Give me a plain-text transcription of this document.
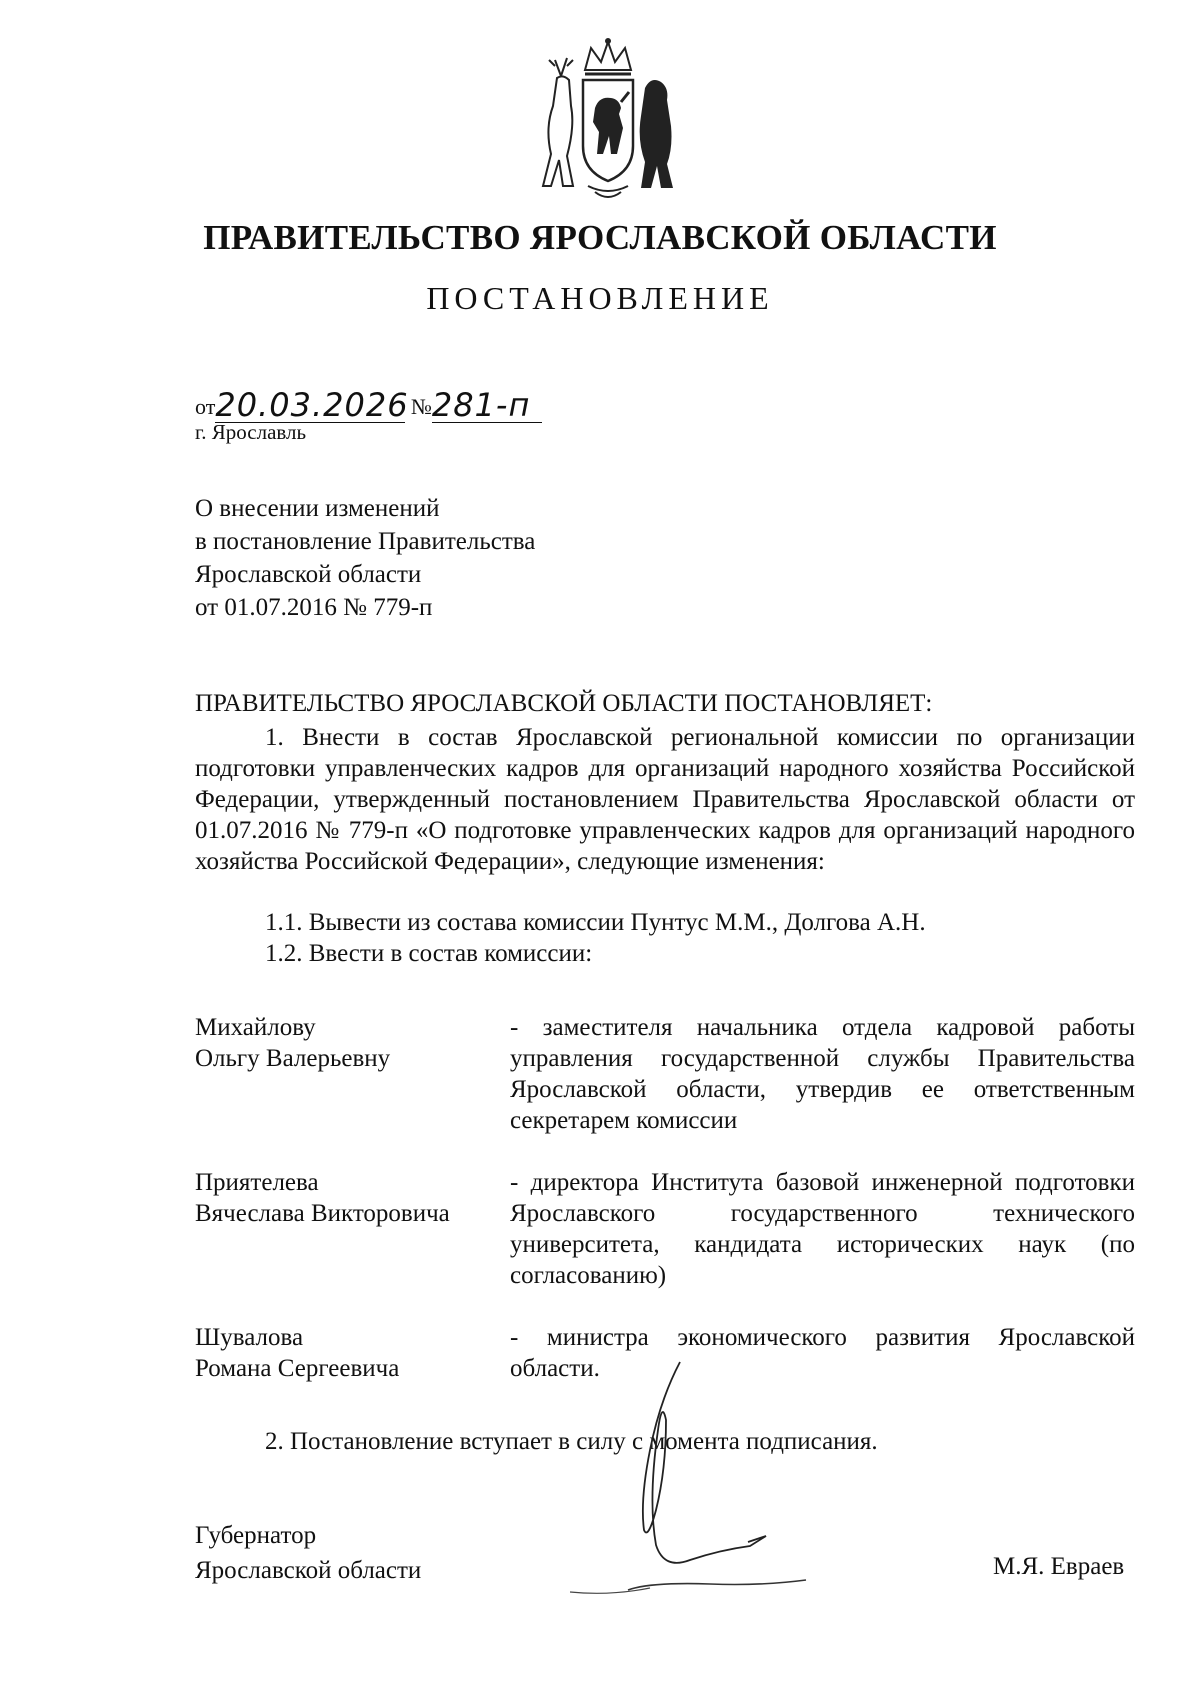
ПРАВИТЕЛЬСТВО ЯРОСЛАВСКОЙ ОБЛАСТИ
ПОСТАНОВЛЕНИЕ
от20.03.2026 №281-п
г. Ярославль
О внесении изменений
в постановление Правительства
Ярославской области
от 01.07.2016 № 779-п
ПРАВИТЕЛЬСТВО ЯРОСЛАВСКОЙ ОБЛАСТИ ПОСТАНОВЛЯЕТ:
1. Внести в состав Ярославской региональной комиссии по организации подготовки управленческих кадров для организаций народного хозяйства Российской Федерации, утвержденный постановлением Правительства Ярославской области от 01.07.2016 № 779-п «О подготовке управленческих кадров для организаций народного хозяйства Российской Федерации», следующие изменения:
1.1. Вывести из состава комиссии Пунтус М.М., Долгова А.Н.
1.2. Ввести в состав комиссии:
Михайлову
Ольгу Валерьевну
- заместителя начальника отдела кадровой работы управления государственной службы Правительства Ярославской области, утвердив ее ответственным секретарем комиссии
Приятелева
Вячеслава Викторовича
- директора Института базовой инженерной подготовки Ярославского государственного технического университета, кандидата исторических наук (по согласованию)
Шувалова
Романа Сергеевича
- министра экономического развития Ярославской области.
2. Постановление вступает в силу с момента подписания.
Губернатор
Ярославской области	М.Я. Евраев
